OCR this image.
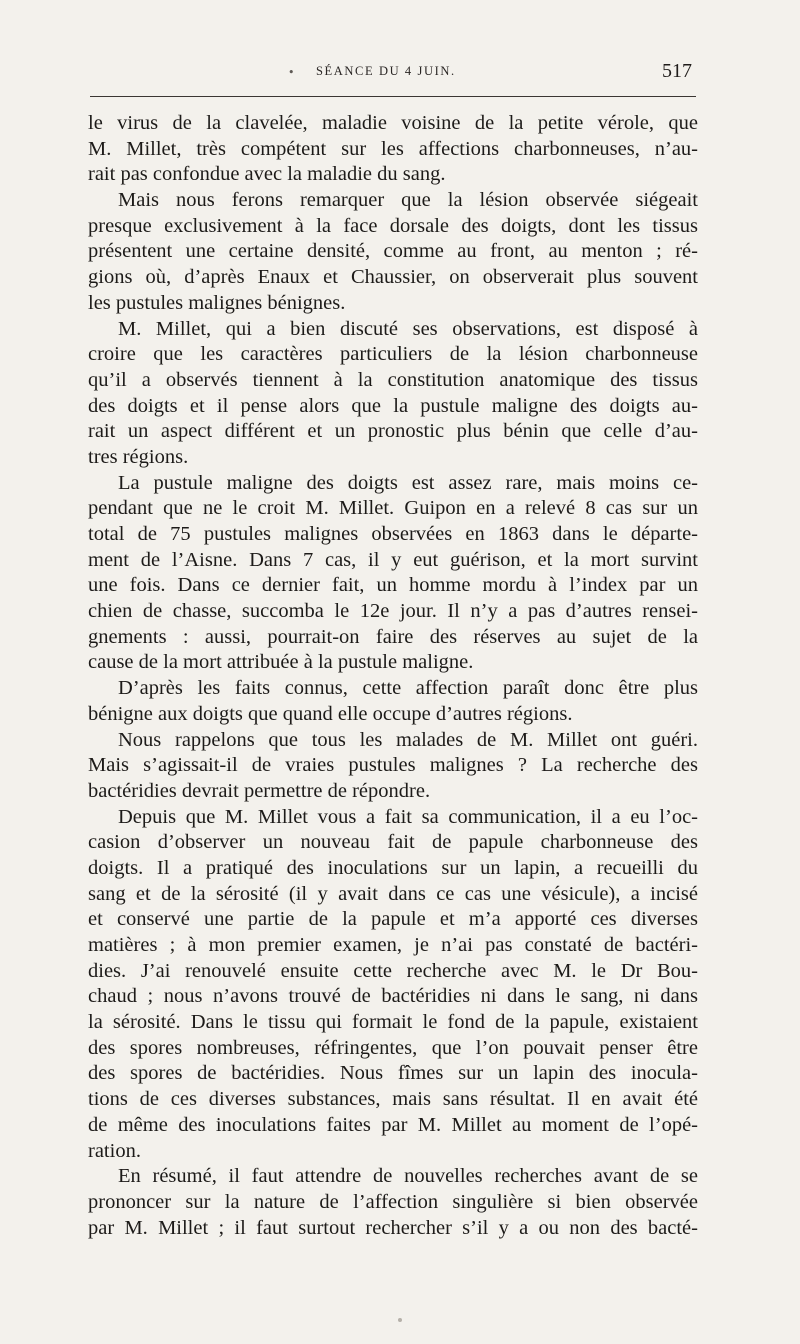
• SÉANCE DU 4 JUIN.	517
le virus de la clavelée, maladie voisine de la petite vérole, que
M. Millet, très compétent sur les affections charbonneuses, n’au-
rait pas confondue avec la maladie du sang.
Mais nous ferons remarquer que la lésion observée siégeait
presque exclusivement à la face dorsale des doigts, dont les tissus
présentent une certaine densité, comme au front, au menton ; ré-
gions où, d’après Enaux et Chaussier, on observerait plus souvent
les pustules malignes bénignes.
M. Millet, qui a bien discuté ses observations, est disposé à
croire que les caractères particuliers de la lésion charbonneuse
qu’il a observés tiennent à la constitution anatomique des tissus
des doigts et il pense alors que la pustule maligne des doigts au-
rait un aspect différent et un pronostic plus bénin que celle d’au-
tres régions.
La pustule maligne des doigts est assez rare, mais moins ce-
pendant que ne le croit M. Millet. Guipon en a relevé 8 cas sur un
total de 75 pustules malignes observées en 1863 dans le départe-
ment de l’Aisne. Dans 7 cas, il y eut guérison, et la mort survint
une fois. Dans ce dernier fait, un homme mordu à l’index par un
chien de chasse, succomba le 12e jour. Il n’y a pas d’autres rensei-
gnements : aussi, pourrait-on faire des réserves au sujet de la
cause de la mort attribuée à la pustule maligne.
D’après les faits connus, cette affection paraît donc être plus
bénigne aux doigts que quand elle occupe d’autres régions.
Nous rappelons que tous les malades de M. Millet ont guéri.
Mais s’agissait-il de vraies pustules malignes ? La recherche des
bactéridies devrait permettre de répondre.
Depuis que M. Millet vous a fait sa communication, il a eu l’oc-
casion d’observer un nouveau fait de papule charbonneuse des
doigts. Il a pratiqué des inoculations sur un lapin, a recueilli du
sang et de la sérosité (il y avait dans ce cas une vésicule), a incisé
et conservé une partie de la papule et m’a apporté ces diverses
matières ; à mon premier examen, je n’ai pas constaté de bactéri-
dies. J’ai renouvelé ensuite cette recherche avec M. le Dr Bou-
chaud ; nous n’avons trouvé de bactéridies ni dans le sang, ni dans
la sérosité. Dans le tissu qui formait le fond de la papule, existaient
des spores nombreuses, réfringentes, que l’on pouvait penser être
des spores de bactéridies. Nous fîmes sur un lapin des inocula-
tions de ces diverses substances, mais sans résultat. Il en avait été
de même des inoculations faites par M. Millet au moment de l’opé-
ration.
En résumé, il faut attendre de nouvelles recherches avant de se
prononcer sur la nature de l’affection singulière si bien observée
par M. Millet ; il faut surtout rechercher s’il y a ou non des bacté-
